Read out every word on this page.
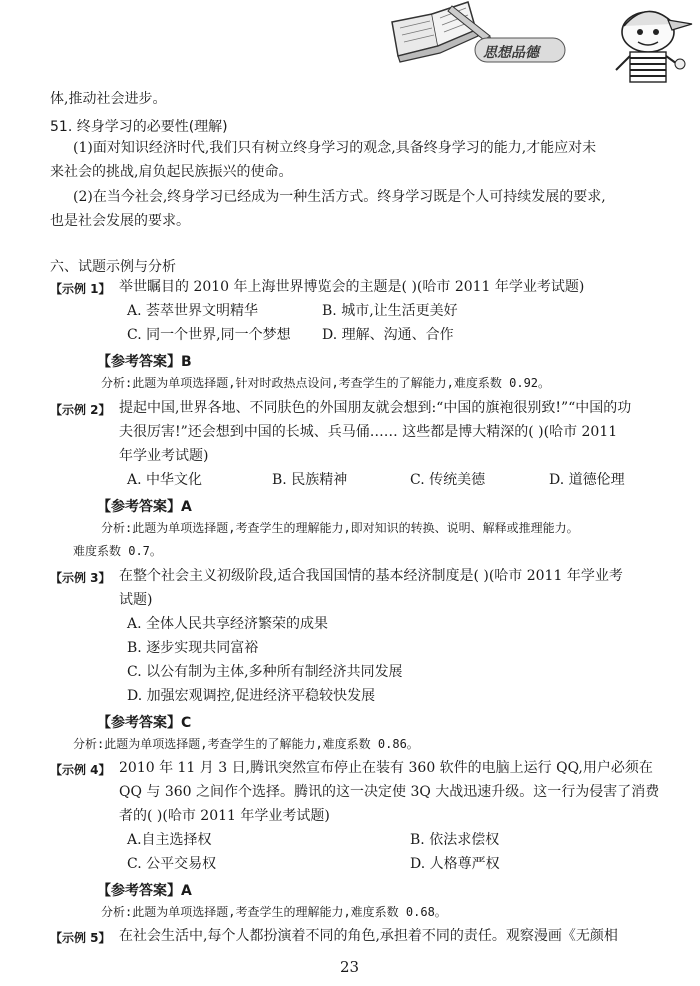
思想品德
体,推动社会进步。
51. 终身学习的必要性(理解)
(1)面对知识经济时代,我们只有树立终身学习的观念,具备终身学习的能力,才能应对未
来社会的挑战,肩负起民族振兴的使命。
(2)在当今社会,终身学习已经成为一种生活方式。终身学习既是个人可持续发展的要求,
也是社会发展的要求。
六、试题示例与分析
【示例 1】 举世瞩目的 2010 年上海世界博览会的主题是( )(哈市 2011 年学业考试题)
A. 荟萃世界文明精华	B. 城市,让生活更美好
C. 同一个世界,同一个梦想 D. 理解、沟通、合作
【参考答案】B
分析:此题为单项选择题,针对时政热点设问,考查学生的了解能力,难度系数 0.92。
【示例 2】 提起中国,世界各地、不同肤色的外国朋友就会想到:“中国的旗袍很别致!”“中国的功
夫很厉害!”还会想到中国的长城、兵马俑…… 这些都是博大精深的( )(哈市 2011
年学业考试题)
A. 中华文化	B. 民族精神	C. 传统美德	D. 道德伦理
【参考答案】A
分析:此题为单项选择题,考查学生的理解能力,即对知识的转换、说明、解释或推理能力。
难度系数 0.7。
【示例 3】 在整个社会主义初级阶段,适合我国国情的基本经济制度是( )(哈市 2011 年学业考
试题)
A. 全体人民共享经济繁荣的成果
B. 逐步实现共同富裕
C. 以公有制为主体,多种所有制经济共同发展
D. 加强宏观调控,促进经济平稳较快发展
【参考答案】C
分析:此题为单项选择题,考查学生的了解能力,难度系数 0.86。
【示例 4】 2010 年 11 月 3 日,腾讯突然宣布停止在装有 360 软件的电脑上运行 QQ,用户必须在
QQ 与 360 之间作个选择。腾讯的这一决定使 3Q 大战迅速升级。这一行为侵害了消费
者的( )(哈市 2011 年学业考试题)
A.自主选择权	B. 依法求偿权
C. 公平交易权	D. 人格尊严权
【参考答案】A
分析:此题为单项选择题,考查学生的理解能力,难度系数 0.68。
【示例 5】 在社会生活中,每个人都扮演着不同的角色,承担着不同的责任。观察漫画《无颜相
23
